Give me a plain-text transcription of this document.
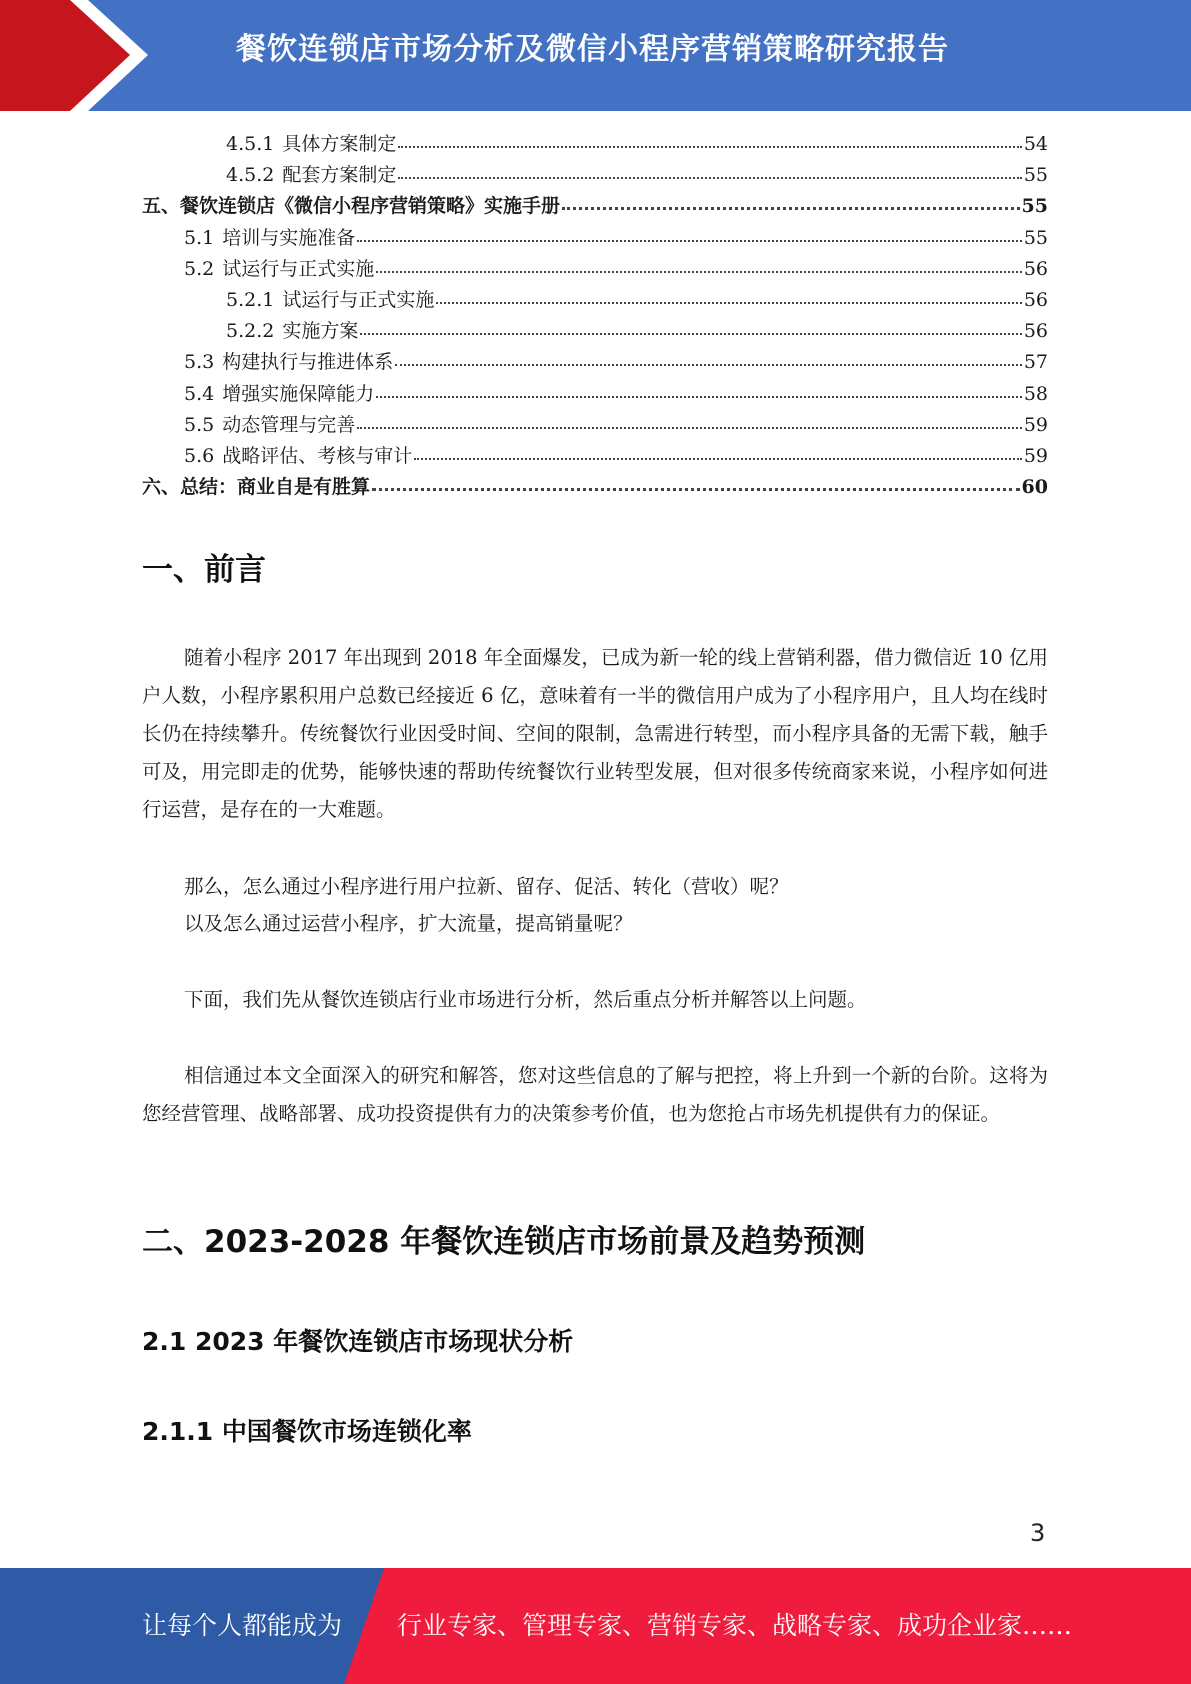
餐饮连锁店市场分析及微信小程序营销策略研究报告
4.5.1 具体方案制定	54
4.5.2 配套方案制定	55
五、 餐饮连锁店《微信小程序营销策略》实施手册	55
5.1 培训与实施准备	55
5.2 试运行与正式实施	56
5.2.1 试运行与正式实施	56
5.2.2 实施方案	56
5.3 构建执行与推进体系	57
5.4 增强实施保障能力	58
5.5 动态管理与完善	59
5.6 战略评估、考核与审计	59
六、 总结：商业自是有胜算	60
一、前言
随着小程序 2017 年出现到 2018 年全面爆发，已成为新一轮的线上营销利器，借力微信近 10 亿用户人数，小程序累积用户总数已经接近 6 亿，意味着有一半的微信用户成为了小程序用户，且人均在线时长仍在持续攀升。传统餐饮行业因受时间、空间的限制，急需进行转型，而小程序具备的无需下载，触手可及，用完即走的优势，能够快速的帮助传统餐饮行业转型发展，但对很多传统商家来说，小程序如何进行运营，是存在的一大难题。
那么，怎么通过小程序进行用户拉新、留存、促活、转化（营收）呢？
以及怎么通过运营小程序，扩大流量，提高销量呢？
下面，我们先从餐饮连锁店行业市场进行分析，然后重点分析并解答以上问题。
相信通过本文全面深入的研究和解答，您对这些信息的了解与把控，将上升到一个新的台阶。这将为您经营管理、战略部署、成功投资提供有力的决策参考价值，也为您抢占市场先机提供有力的保证。
二、2023-2028 年餐饮连锁店市场前景及趋势预测
2.1 2023 年餐饮连锁店市场现状分析
2.1.1 中国餐饮市场连锁化率
3
让每个人都能成为 行业专家、管理专家、营销专家、战略专家、成功企业家……
